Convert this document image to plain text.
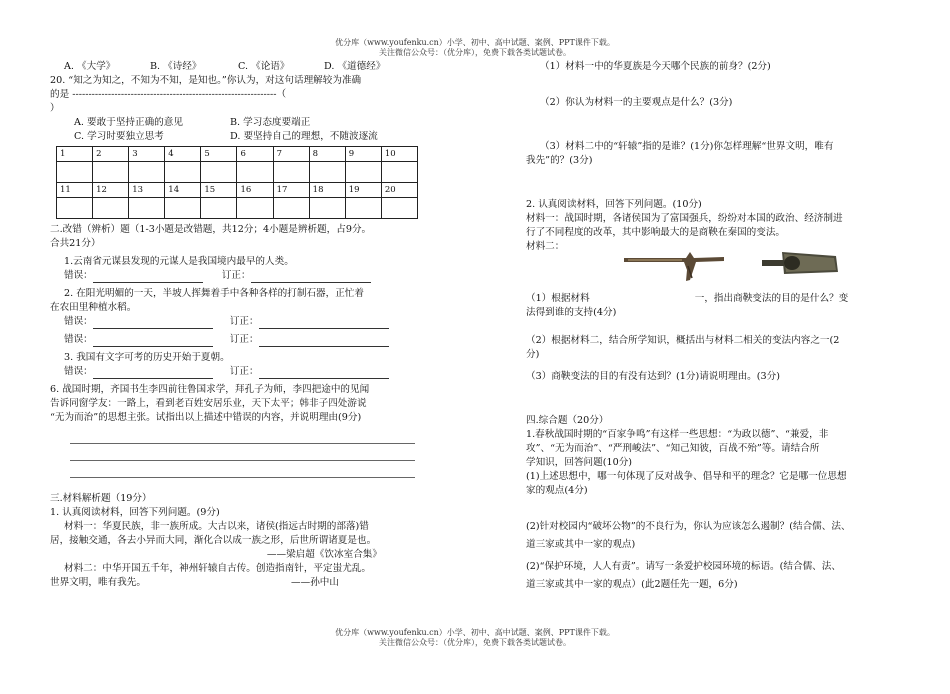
优分库（www.youfenku.cn）小学、初中、高中试题、案例、PPT课件下载。
关注微信公众号：（优分库），免费下载各类试题试卷。
A. 《大学》	B. 《诗经》	C. 《论语》	D. 《道德经》
20. “知之为知之，不知为不知，是知也。”你认为，对这句话理解较为准确
的是 ---------------------------------------------------------------（
）
A. 要敢于坚持正确的意见	B. 学习态度要端正
C. 学习时要独立思考	D. 要坚持自己的理想，不随波逐流
1	2	3	4	5	6	7	8	9	10

11	12	13	14	15	16	17	18	19	20

二.改错（辨析）题（1-3小题是改错题，共12分；4小题是辨析题，占9分。
合共21分）
1.云南省元谋县发现的元谋人是我国境内最早的人类。
错误：	订正：
2. 在阳光明媚的一天，半坡人挥舞着手中各种各样的打制石器，正忙着
在农田里种植水稻。
错误：	订正：
错误：	订正：
3. 我国有文字可考的历史开始于夏朝。
错误：	订正：
6. 战国时期，齐国书生李四前往鲁国求学，拜孔子为师，李四把途中的见闻
告诉同窗学友：一路上，看到老百姓安居乐业，天下太平；韩非子四处游说
“无为而治”的思想主张。试指出以上描述中错误的内容，并说明理由(9分)
三.材料解析题（19分）
1. 认真阅读材料，回答下列问题。(9分)
材料一：华夏民族，非一族所成。大古以来，诸侯(指远古时期的部落)错
居，接触交通，各去小异而大同，渐化合以成一族之形，后世所谓诸夏是也。
——梁启超《饮冰室合集》
材料二：中华开国五千年，神州轩辕自古传。创造指南针，平定蚩尤乱。
世界文明，唯有我先。	——孙中山
（1）材料一中的华夏族是今天哪个民族的前身？(2分)
（2）你认为材料一的主要观点是什么？(3分)
（3）材料二中的“轩辕”指的是谁？(1分)你怎样理解“世界文明，唯有
我先”的？(3分)
2. 认真阅读材料，回答下列问题。(10分)
材料一：战国时期，各诸侯国为了富国强兵，纷纷对本国的政治、经济制进
行了不同程度的改革，其中影响最大的是商鞅在秦国的变法。
材料二：
（1）根据材料	一，指出商鞅变法的目的是什么？变
法得到谁的支持(4分)
（2）根据材料二，结合所学知识，概括出与材料二相关的变法内容之一(2
分)
（3）商鞅变法的目的有没有达到？(1分)请说明理由。(3分)
四.综合题（20分）
1.春秋战国时期的“百家争鸣”有这样一些思想：“为政以德”、“兼爱，非
攻”、“无为而治”、“严刑峻法”、“知己知彼，百战不殆”等。请结合所
学知识，回答问题(10分)
(1)上述思想中，哪一句体现了反对战争、倡导和平的理念？它是哪一位思想
家的观点(4分)
(2)针对校园内“破坏公物”的不良行为，你认为应该怎么遏制？(结合儒、法、
道三家或其中一家的观点)
(2)“保护环境，人人有责”。请写一条爱护校园环境的标语。(结合儒、法、
道三家或其中一家的观点）(此2题任先一题，6分)
优分库（www.youfenku.cn）小学、初中、高中试题、案例、PPT课件下载。
关注微信公众号：（优分库），免费下载各类试题试卷。
